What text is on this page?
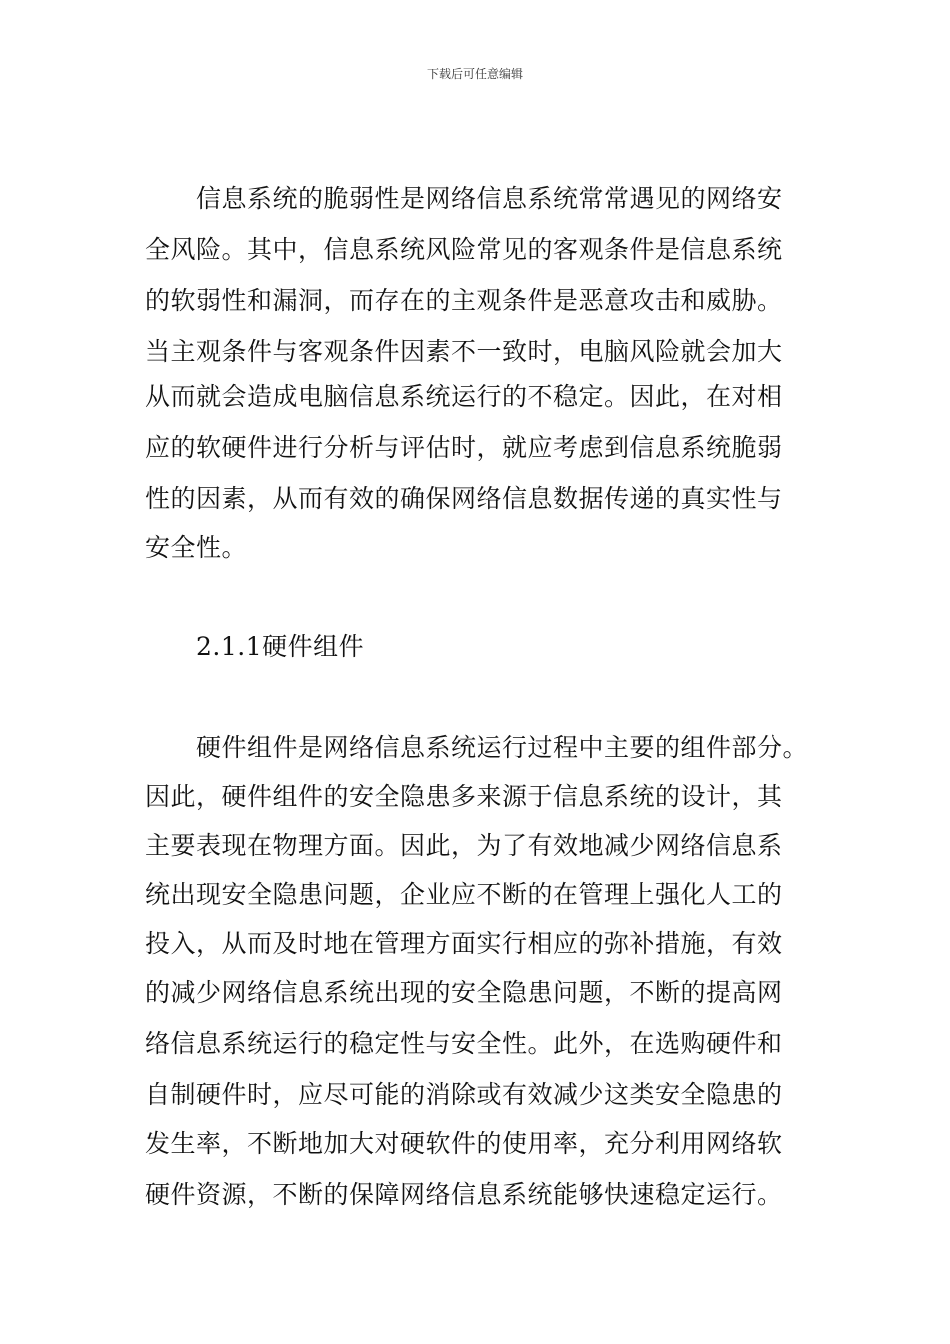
下载后可任意编辑
信息系统的脆弱性是网络信息系统常常遇见的网络安
全风险。其中，信息系统风险常见的客观条件是信息系统
的软弱性和漏洞，而存在的主观条件是恶意攻击和威胁。
当主观条件与客观条件因素不一致时，电脑风险就会加大
从而就会造成电脑信息系统运行的不稳定。因此，在对相
应的软硬件进行分析与评估时，就应考虑到信息系统脆弱
性的因素，从而有效的确保网络信息数据传递的真实性与
安全性。
2.1.1硬件组件
硬件组件是网络信息系统运行过程中主要的组件部分。
因此，硬件组件的安全隐患多来源于信息系统的设计，其
主要表现在物理方面。因此，为了有效地减少网络信息系
统出现安全隐患问题，企业应不断的在管理上强化人工的
投入，从而及时地在管理方面实行相应的弥补措施，有效
的减少网络信息系统出现的安全隐患问题，不断的提高网
络信息系统运行的稳定性与安全性。此外，在选购硬件和
自制硬件时，应尽可能的消除或有效减少这类安全隐患的
发生率，不断地加大对硬软件的使用率，充分利用网络软
硬件资源，不断的保障网络信息系统能够快速稳定运行。
